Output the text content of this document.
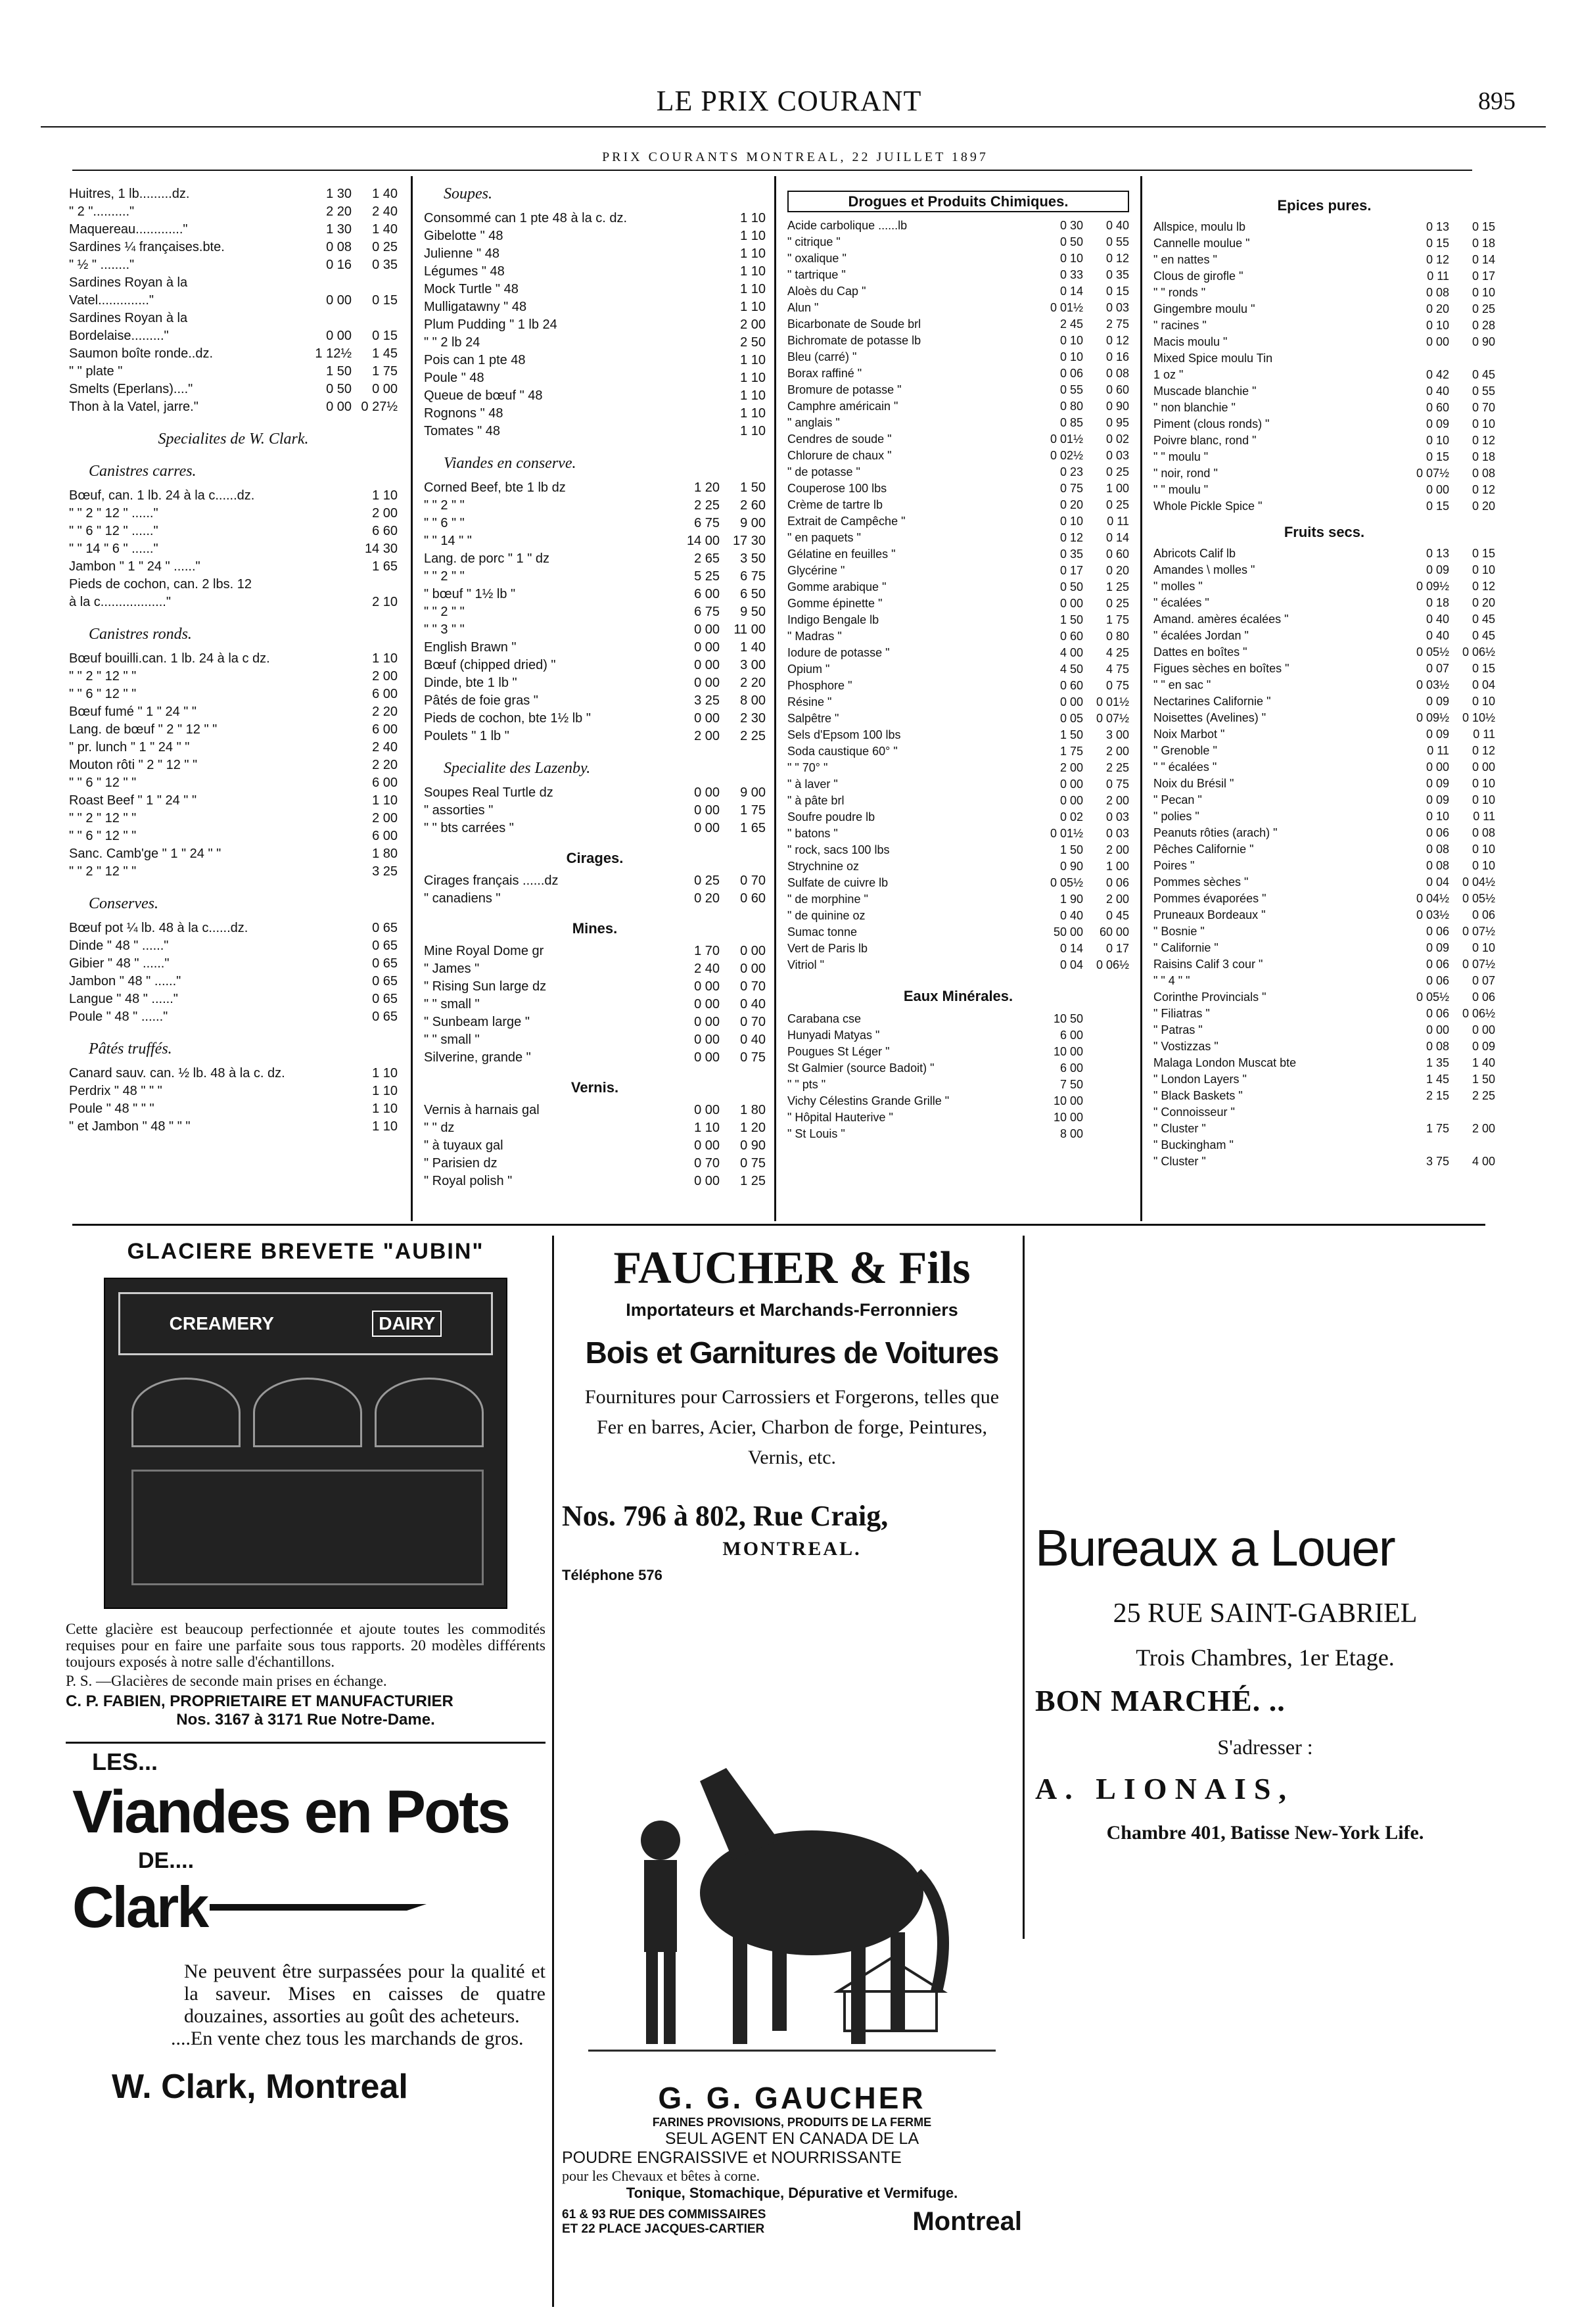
LE PRIX COURANT	895
PRIX COURANTS MONTREAL, 22 JUILLET 1897
Huitres, 1 lb.........dz.	1 30	1 40
" 2 ".........."	2 20	2 40
Maquereau............."	1 30	1 40
Sardines ¼ françaises.bte.	0 08	0 25
" ½ " ........"	0 16	0 35
Sardines Royan à la
Vatel.............."	0 00	0 15
Sardines Royan à la
Bordelaise........."	0 00	0 15
Saumon boîte ronde..dz.	1 12½	1 45
" " plate "	1 50	1 75
Smelts (Eperlans)...."	0 50	0 00
Thon à la Vatel, jarre."	0 00 0 27½
Specialites de W. Clark.
Canistres carres.
Bœuf, can. 1 lb. 24 à la c......dz.	1 10
" " 2 " 12 " ......"	2 00
" " 6 " 12 " ......"	6 60
" " 14 " 6 " ......"	14 30
Jambon " 1 " 24 " ......"	1 65
Pieds de cochon, can. 2 lbs. 12
à la c.................."	2 10
Canistres ronds.
Bœuf bouilli.can. 1 lb. 24 à la c dz.	1 10
" " 2 " 12 " "	2 00
" " 6 " 12 " "	6 00
Bœuf fumé " 1 " 24 " "	2 20
Lang. de bœuf " 2 " 12 " "	6 00
" pr. lunch " 1 " 24 " "	2 40
Mouton rôti " 2 " 12 " "	2 20
" " 6 " 12 " "	6 00
Roast Beef " 1 " 24 " "	1 10
" " 2 " 12 " "	2 00
" " 6 " 12 " "	6 00
Sanc. Camb'ge " 1 " 24 " "	1 80
" " 2 " 12 " "	3 25
Conserves.
Bœuf pot ¼ lb. 48 à la c......dz.	0 65
Dinde " 48 " ......"	0 65
Gibier " 48 " ......"	0 65
Jambon " 48 " ......"	0 65
Langue " 48 " ......"	0 65
Poule " 48 " ......"	0 65
Pâtés truffés.
Canard sauv. can. ½ lb. 48 à la c. dz.	1 10
Perdrix " 48 " " "	1 10
Poule " 48 " " "	1 10
" et Jambon " 48 " " "	1 10
Soupes.
Consommé can 1 pte 48 à la c. dz.	1 10
Gibelotte " 48	1 10
Julienne " 48	1 10
Légumes " 48	1 10
Mock Turtle " 48	1 10
Mulligatawny " 48	1 10
Plum Pudding " 1 lb 24	2 00
" " 2 lb 24	2 50
Pois can 1 pte 48	1 10
Poule " 48	1 10
Queue de bœuf " 48	1 10
Rognons " 48	1 10
Tomates " 48	1 10
Viandes en conserve.
Corned Beef, bte 1 lb dz	1 20	1 50
" " 2 " "	2 25	2 60
" " 6 " "	6 75	9 00
" " 14 " "	14 00 17 30
Lang. de porc " 1 " dz	2 65	3 50
" " 2 " "	5 25	6 75
" bœuf " 1½ lb "	6 00	6 50
" " 2 " "	6 75	9 50
" " 3 " "	0 00	11 00
English Brawn "	0 00	1 40
Bœuf (chipped dried) "	0 00	3 00
Dinde, bte 1 lb "	0 00	2 20
Pâtés de foie gras "	3 25	8 00
Pieds de cochon, bte 1½ lb "	0 00	2 30
Poulets " 1 lb "	2 00	2 25
Specialite des Lazenby.
Soupes Real Turtle dz	0 00	9 00
" assorties "	0 00	1 75
" " bts carrées "	0 00	1 65
Cirages.
Cirages français ......dz	0 25	0 70
" canadiens "	0 20	0 60
Mines.
Mine Royal Dome gr	1 70	0 00
" James "	2 40	0 00
" Rising Sun large dz	0 00	0 70
" " small "	0 00	0 40
" Sunbeam large "	0 00	0 70
" " small "	0 00	0 40
Silverine, grande "	0 00	0 75
Vernis.
Vernis à harnais gal	0 00	1 80
" " dz	1 10	1 20
" à tuyaux gal	0 00	0 90
" Parisien dz	0 70	0 75
" Royal polish "	0 00	1 25
Drogues et Produits Chimiques.
Acide carbolique ......lb	0 30	0 40
" citrique "	0 50	0 55
" oxalique "	0 10	0 12
" tartrique "	0 33	0 35
Aloès du Cap "	0 14	0 15
Alun "	0 01½	0 03
Bicarbonate de Soude brl	2 45	2 75
Bichromate de potasse lb	0 10	0 12
Bleu (carré) "	0 10	0 16
Borax raffiné "	0 06	0 08
Bromure de potasse "	0 55	0 60
Camphre américain "	0 80	0 90
" anglais "	0 85	0 95
Cendres de soude "	0 01½	0 02
Chlorure de chaux "	0 02½	0 03
" de potasse "	0 23	0 25
Couperose 100 lbs	0 75	1 00
Crème de tartre lb	0 20	0 25
Extrait de Campêche "	0 10	0 11
" en paquets "	0 12	0 14
Gélatine en feuilles "	0 35	0 60
Glycérine "	0 17	0 20
Gomme arabique "	0 50	1 25
Gomme épinette "	0 00	0 25
Indigo Bengale lb	1 50	1 75
" Madras "	0 60	0 80
Iodure de potasse "	4 00	4 25
Opium "	4 50	4 75
Phosphore "	0 60	0 75
Résine "	0 00	0 01½
Salpêtre "	0 05	0 07½
Sels d'Epsom 100 lbs	1 50	3 00
Soda caustique 60° "	1 75	2 00
" " 70° "	2 00	2 25
" à laver "	0 00	0 75
" à pâte brl	0 00	2 00
Soufre poudre lb	0 02	0 03
" batons "	0 01½	0 03
" rock, sacs 100 lbs	1 50	2 00
Strychnine oz	0 90	1 00
Sulfate de cuivre lb	0 05½	0 06
" de morphine "	1 90	2 00
" de quinine oz	0 40	0 45
Sumac tonne	50 00	60 00
Vert de Paris lb	0 14	0 17
Vitriol "	0 04	0 06½
Eaux Minérales.
Carabana cse	10 50
Hunyadi Matyas "	6 00
Pougues St Léger "	10 00
St Galmier (source Badoit) "	6 00
" " pts "	7 50
Vichy Célestins Grande Grille "	10 00
" Hôpital Hauterive "	10 00
" St Louis "	8 00
Epices pures.
Allspice, moulu lb	0 13	0 15
Cannelle moulue "	0 15	0 18
" en nattes "	0 12	0 14
Clous de girofle "	0 11	0 17
" " ronds "	0 08	0 10
Gingembre moulu "	0 20	0 25
" racines "	0 10	0 28
Macis moulu "	0 00	0 90
Mixed Spice moulu Tin
1 oz "	0 42	0 45
Muscade blanchie "	0 40	0 55
" non blanchie "	0 60	0 70
Piment (clous ronds) "	0 09	0 10
Poivre blanc, rond "	0 10	0 12
" " moulu "	0 15	0 18
" noir, rond "	0 07½	0 08
" " moulu "	0 00	0 12
Whole Pickle Spice "	0 15	0 20
Fruits secs.
Abricots Calif lb	0 13	0 15
Amandes \ molles "	0 09	0 10
" molles "	0 09½	0 12
" écalées "	0 18	0 20
Amand. amères écalées "	0 40	0 45
" écalées Jordan "	0 40	0 45
Dattes en boîtes "	0 05½	0 06½
Figues sèches en boîtes "	0 07	0 15
" " en sac "	0 03½	0 04
Nectarines Californie "	0 09	0 10
Noisettes (Avelines) "	0 09½	0 10½
Noix Marbot "	0 09	0 11
" Grenoble "	0 11	0 12
" " écalées "	0 00	0 00
Noix du Brésil "	0 09	0 10
" Pecan "	0 09	0 10
" polies "	0 10	0 11
Peanuts rôties (arach) "	0 06	0 08
Pêches Californie "	0 08	0 10
Poires "	0 08	0 10
Pommes sèches "	0 04	0 04½
Pommes évaporées "	0 04½	0 05½
Pruneaux Bordeaux "	0 03½	0 06
" Bosnie "	0 06	0 07½
" Californie "	0 09	0 10
Raisins Calif 3 cour "	0 06	0 07½
" " 4 " "	0 06	0 07
Corinthe Provincials "	0 05½	0 06
" Filiatras "	0 06	0 06½
" Patras "	0 00	0 00
" Vostizzas "	0 08	0 09
Malaga London Muscat bte	1 35	1 40
" London Layers "	1 45	1 50
" Black Baskets "	2 15	2 25
" Connoisseur "
" Cluster "	1 75	2 00
" Buckingham "
" Cluster "	3 75	4 00
GLACIERE BREVETE "AUBIN"
CREAMERY	DAIRY
Cette glacière est beaucoup perfectionnée et ajoute toutes les commodités requises pour en faire une parfaite sous tous rapports. 20 modèles différents toujours exposés à notre salle d'échantillons.
P. S. —Glacières de seconde main prises en échange.
C. P. FABIEN, PROPRIETAIRE ET MANUFACTURIER
Nos. 3167 à 3171 Rue Notre-Dame.
LES...
Viandes en Pots
DE....
Clark
Ne peuvent être surpassées pour la qualité et la saveur. Mises en caisses de quatre douzaines, assorties au goût des acheteurs.
....En vente chez tous les marchands de gros.
W. Clark, Montreal
FAUCHER & Fils
Importateurs et Marchands-Ferronniers
Bois et Garnitures de Voitures
Fournitures pour Carrossiers et Forgerons, telles que Fer en barres, Acier, Charbon de forge, Peintures, Vernis, etc.
Nos. 796 à 802, Rue Craig,
MONTREAL.
Téléphone 576
G. G. GAUCHER
FARINES PROVISIONS, PRODUITS DE LA FERME
SEUL AGENT EN CANADA DE LA
POUDRE ENGRAISSIVE et NOURRISSANTE
pour les Chevaux et bêtes à corne.
Tonique, Stomachique, Dépurative et Vermifuge.
61 & 93 RUE DES COMMISSAIRES
ET 22 PLACE JACQUES-CARTIER	Montreal
Bureaux a Louer
25 RUE SAINT-GABRIEL
Trois Chambres, 1er Etage.
BON MARCHÉ. ..
S'adresser :
A. LIONAIS,
Chambre 401, Batisse New-York Life.
